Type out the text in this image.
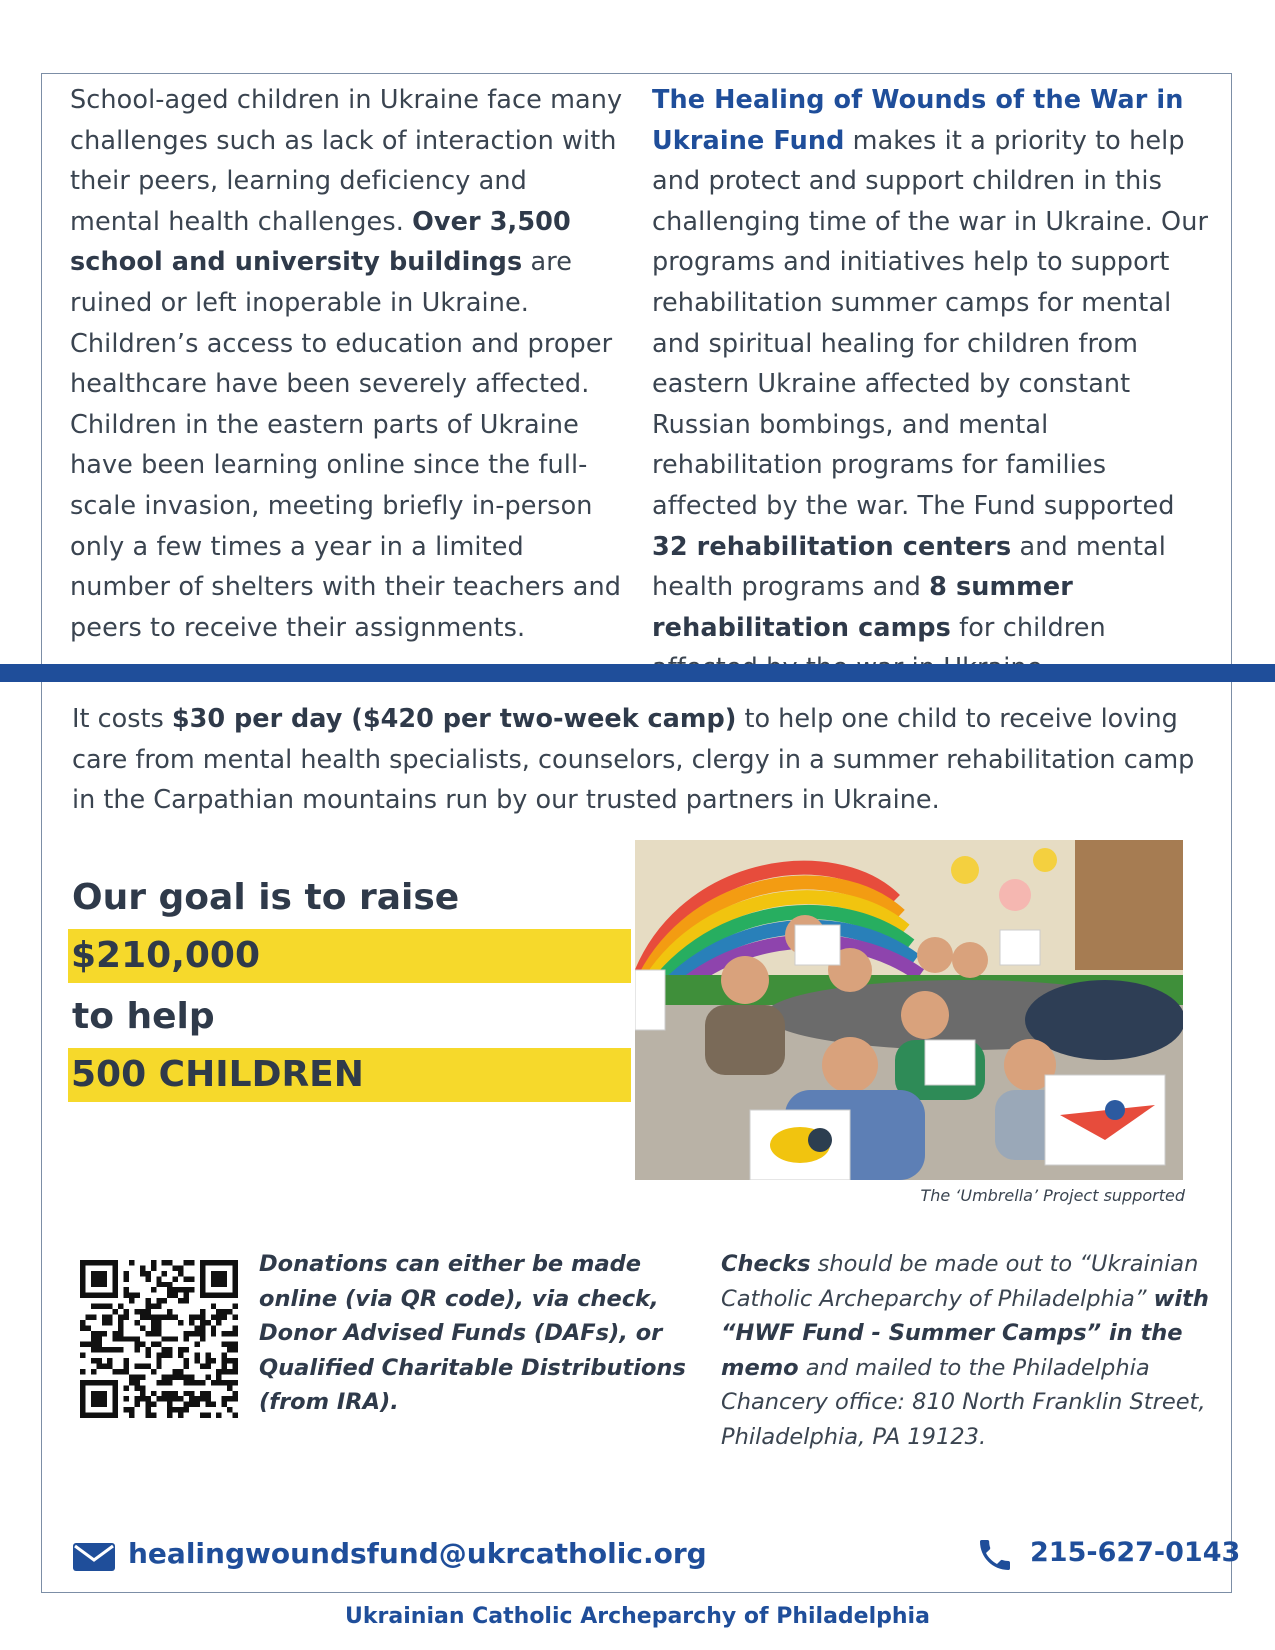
School-aged children in Ukraine face many challenges such as lack of interaction with their peers, learning deficiency and mental health challenges. Over 3,500 school and university buildings are ruined or left inoperable in Ukraine. Children’s access to education and proper healthcare have been severely affected. Children in the eastern parts of Ukraine have been learning online since the full-scale invasion, meeting briefly in-person only a few times a year in a limited number of shelters with their teachers and peers to receive their assignments.

The Healing of Wounds of the War in Ukraine Fund makes it a priority to help and protect and support children in this challenging time of the war in Ukraine. Our programs and initiatives help to support rehabilitation summer camps for mental and spiritual healing for children from eastern Ukraine affected by constant Russian bombings, and mental rehabilitation programs for families affected by the war. The Fund supported 32 rehabilitation centers and mental health programs and 8 summer rehabilitation camps for children

It costs $30 per day ($420 per two-week camp) to help one child to receive loving care from mental health specialists, counselors, clergy in a summer rehabilitation camp in the Carpathian mountains run by our trusted partners in Ukraine.
Our goal is to raise
$210,000
to help
500 CHILDREN
The ‘Umbrella’ Project supported
Donations can either be made online (via QR code), via check, Donor Advised Funds (DAFs), or Qualified Charitable Distributions (from IRA).
Checks should be made out to “Ukrainian Catholic Archeparchy of Philadelphia” with “HWF Fund - Summer Camps” in the memo and mailed to the Philadelphia Chancery office: 810 North Franklin Street, Philadelphia, PA 19123.
healingwoundsfund@ukrcatholic.org	215-627-0143
Ukrainian Catholic Archeparchy of Philadelphia
